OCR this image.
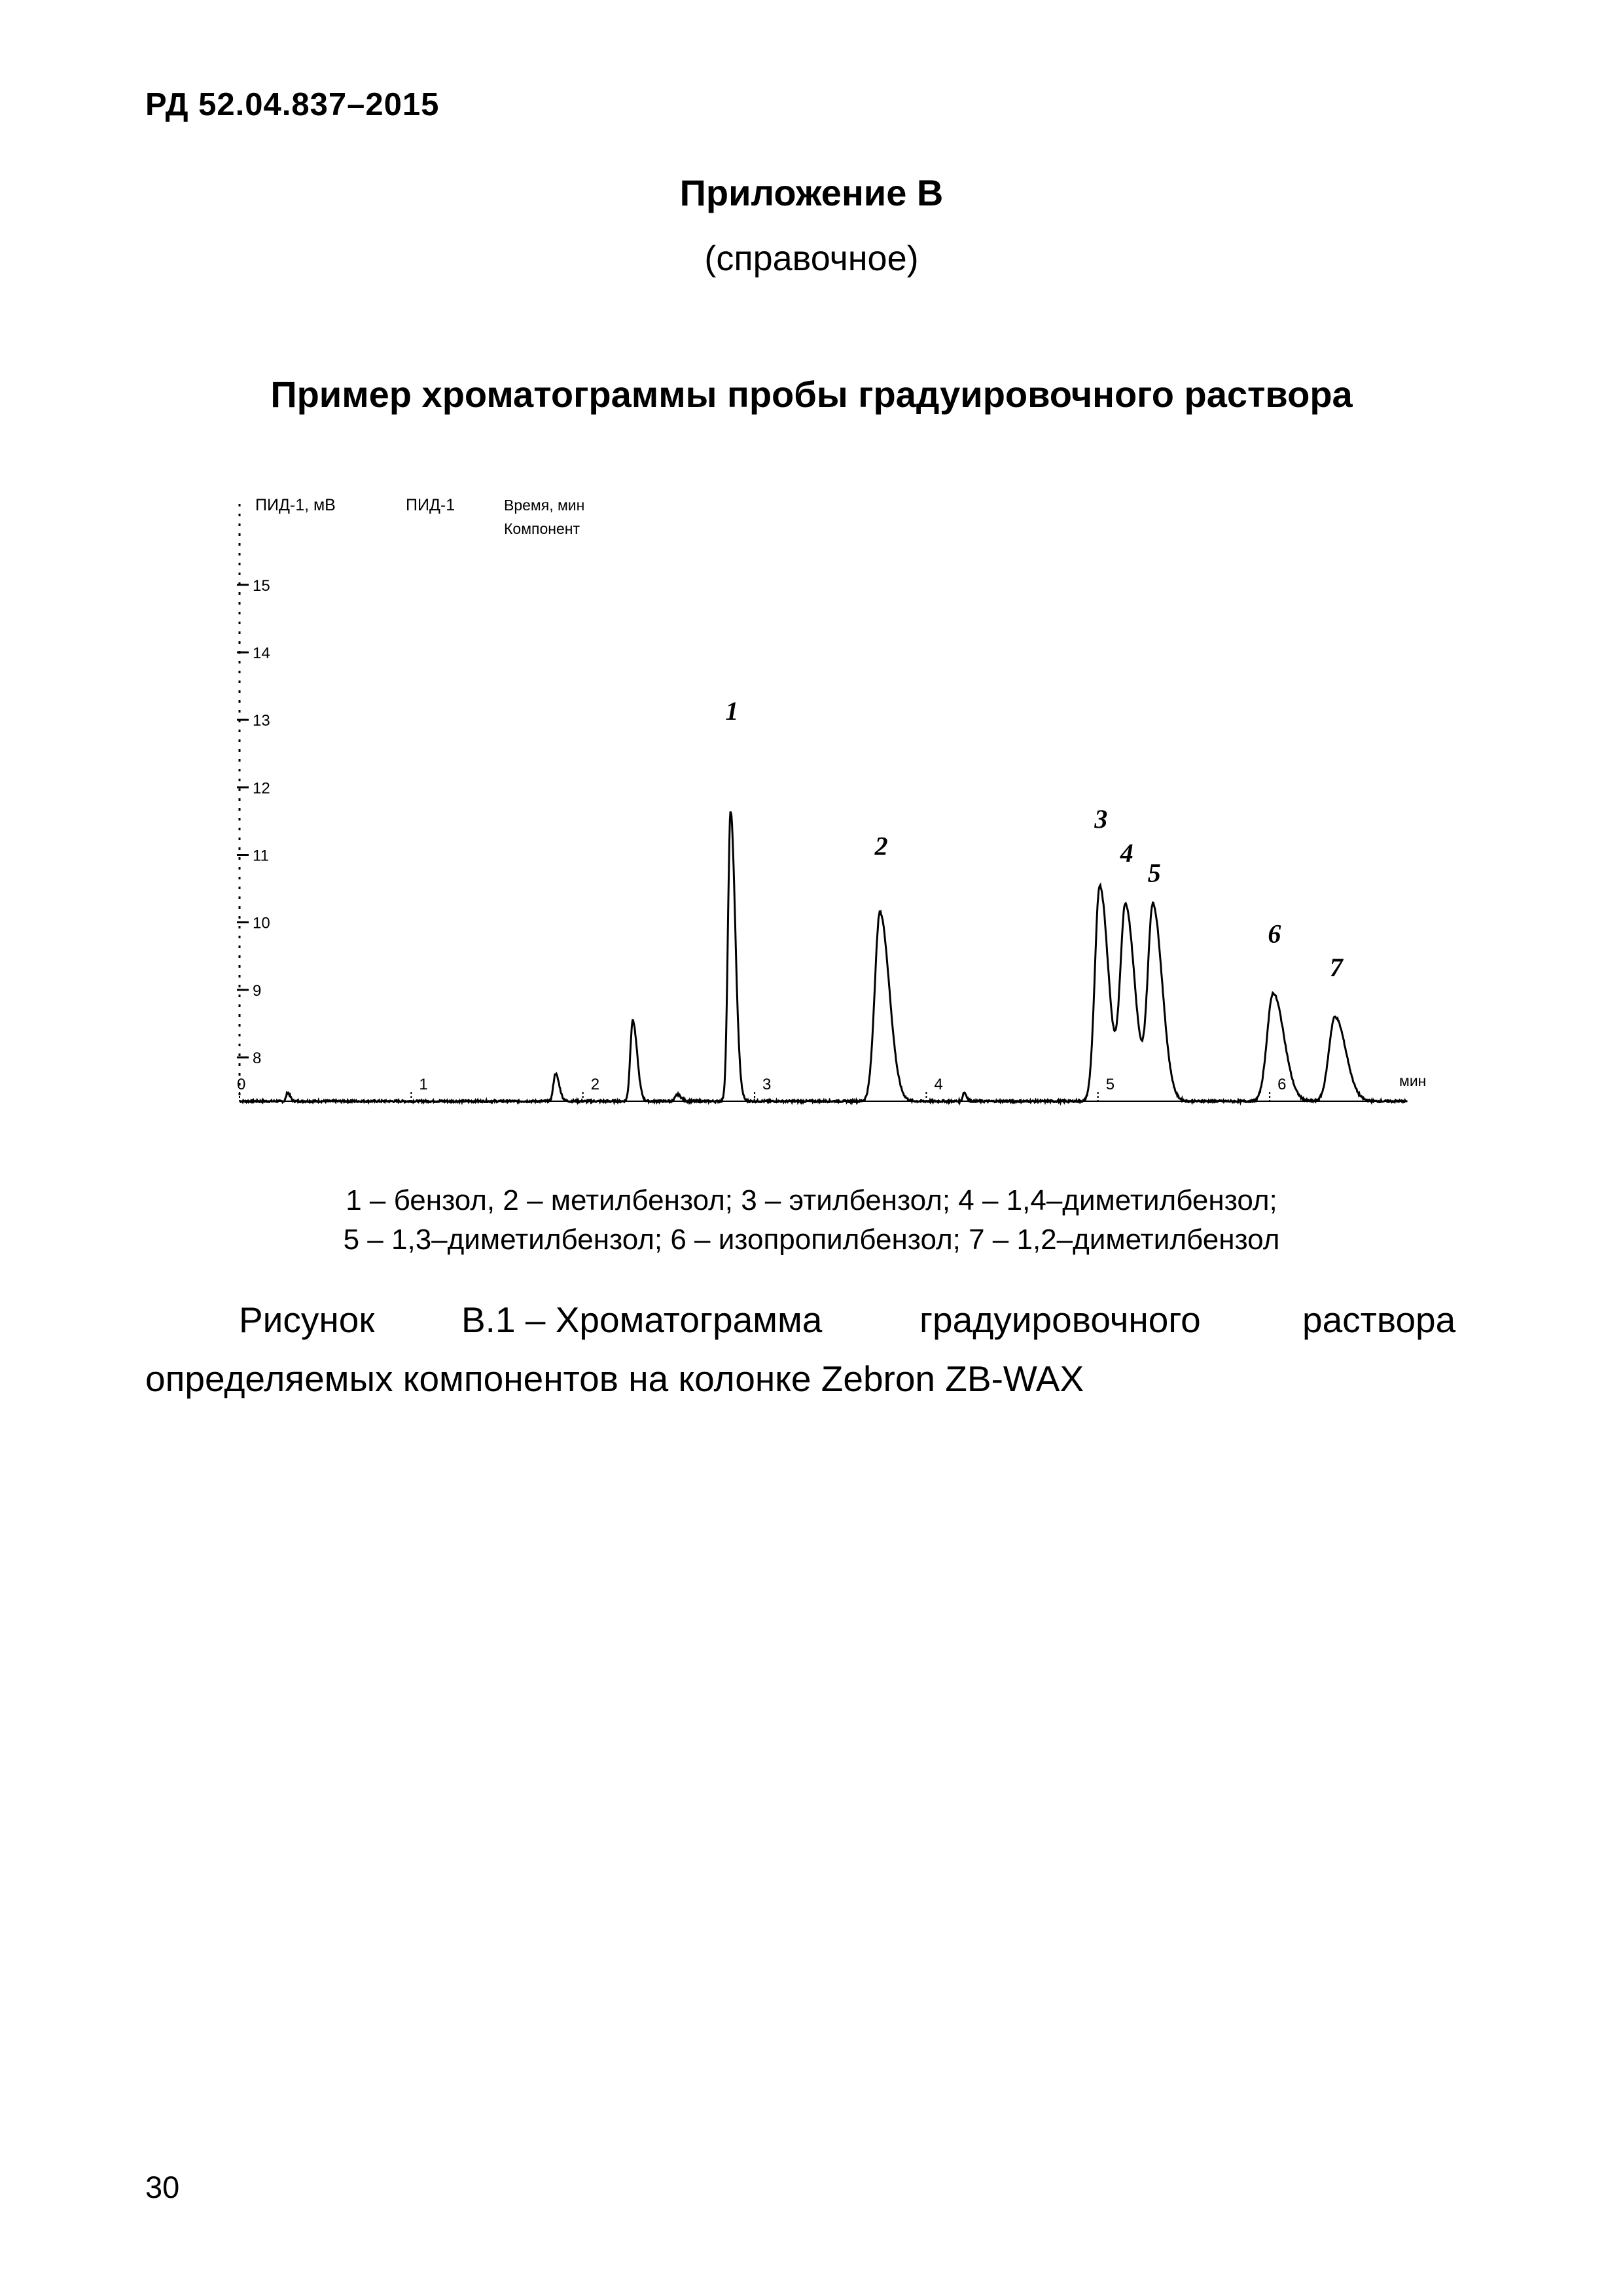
РД 52.04.837–2015
Приложение В
(справочное)
Пример хроматограммы пробы градуировочного раствора
8
9
10
11
12
13
14
15
0	1	2	3	4	5	6
1
2
3
4
5
6
7
ПИД-1, мВ	ПИД-1	Время, мин
Компонент
мин
1 – бензол, 2 – метилбензол; 3 – этилбензол; 4 – 1,4–диметилбензол;
5 – 1,3–диметилбензол; 6 – изопропилбензол; 7 – 1,2–диметилбензол
Рисунок В.1 – Хроматограмма	градуировочного	раствора
определяемых компонентов на колонке Zebron ZB-WAX
30
